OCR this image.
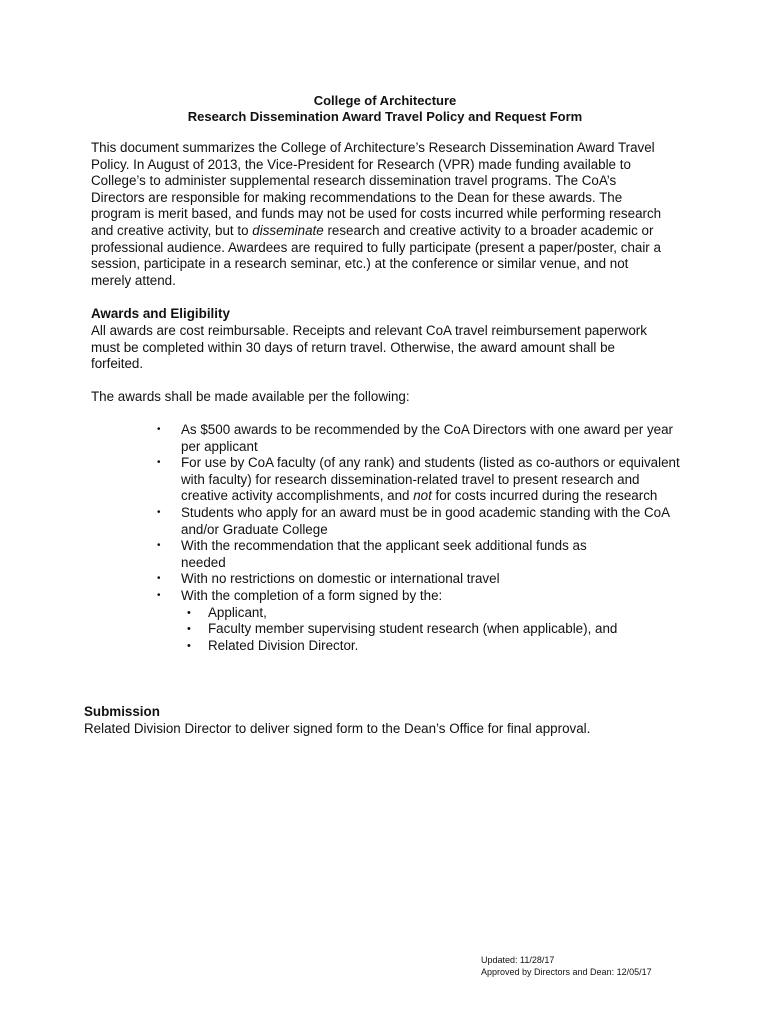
College of Architecture
Research Dissemination Award Travel Policy and Request Form

This document summarizes the College of Architecture’s Research Dissemination Award Travel Policy. In August of 2013, the Vice-President for Research (VPR) made funding available to College’s to administer supplemental research dissemination travel programs. The CoA’s Directors are responsible for making recommendations to the Dean for these awards. The program is merit based, and funds may not be used for costs incurred while performing research and creative activity, but to disseminate research and creative activity to a broader academic or professional audience. Awardees are required to fully participate (present a paper/poster, chair a session, participate in a research seminar, etc.) at the conference or similar venue, and not merely attend.

Awards and Eligibility

All awards are cost reimbursable. Receipts and relevant CoA travel reimbursement paperwork must be completed within 30 days of return travel. Otherwise, the award amount shall be forfeited.

The awards shall be made available per the following:

• As $500 awards to be recommended by the CoA Directors with one award per year per applicant
• For use by CoA faculty (of any rank) and students (listed as co-authors or equivalent with faculty) for research dissemination-related travel to present research and creative activity accomplishments, and not for costs incurred during the research
• Students who apply for an award must be in good academic standing with the CoA and/or Graduate College
• With the recommendation that the applicant seek additional funds as needed
• With no restrictions on domestic or international travel
• With the completion of a form signed by the:
• Applicant,
• Faculty member supervising student research (when applicable), and
• Related Division Director.
Submission
Related Division Director to deliver signed form to the Dean’s Office for final approval.
Updated: 11/28/17
Approved by Directors and Dean: 12/05/17
